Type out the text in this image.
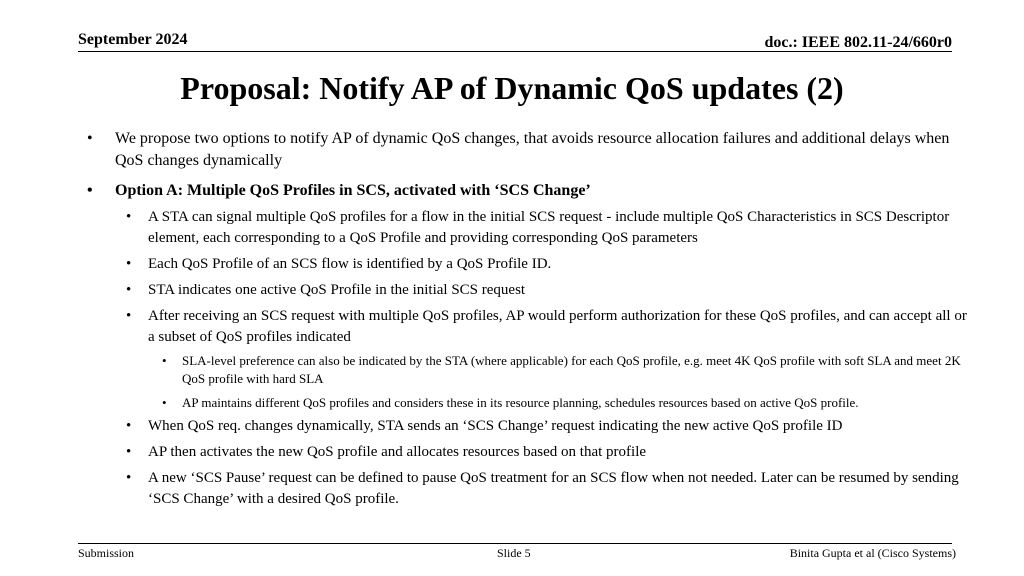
September 2024	doc.: IEEE 802.11-24/660r0
Proposal: Notify AP of Dynamic QoS updates (2)
• We propose two options to notify AP of dynamic QoS changes, that avoids resource allocation failures and additional delays when QoS changes dynamically
• Option A: Multiple QoS Profiles in SCS, activated with ‘SCS Change’
• A STA can signal multiple QoS profiles for a flow in the initial SCS request - include multiple QoS Characteristics in SCS Descriptor element, each corresponding to a QoS Profile and providing corresponding QoS parameters
• Each QoS Profile of an SCS flow is identified by a QoS Profile ID.
• STA indicates one active QoS Profile in the initial SCS request
• After receiving an SCS request with multiple QoS profiles, AP would perform authorization for these QoS profiles, and can accept all or a subset of QoS profiles indicated
• SLA-level preference can also be indicated by the STA (where applicable) for each QoS profile, e.g. meet 4K QoS profile with soft SLA and meet 2K QoS profile with hard SLA
• AP maintains different QoS profiles and considers these in its resource planning, schedules resources based on active QoS profile.
• When QoS req. changes dynamically, STA sends an ‘SCS Change’ request indicating the new active QoS profile ID
• AP then activates the new QoS profile and allocates resources based on that profile
• A new ‘SCS Pause’ request can be defined to pause QoS treatment for an SCS flow when not needed. Later can be resumed by sending ‘SCS Change’ with a desired QoS profile.
Submission	Slide 5	Binita Gupta et al (Cisco Systems)
